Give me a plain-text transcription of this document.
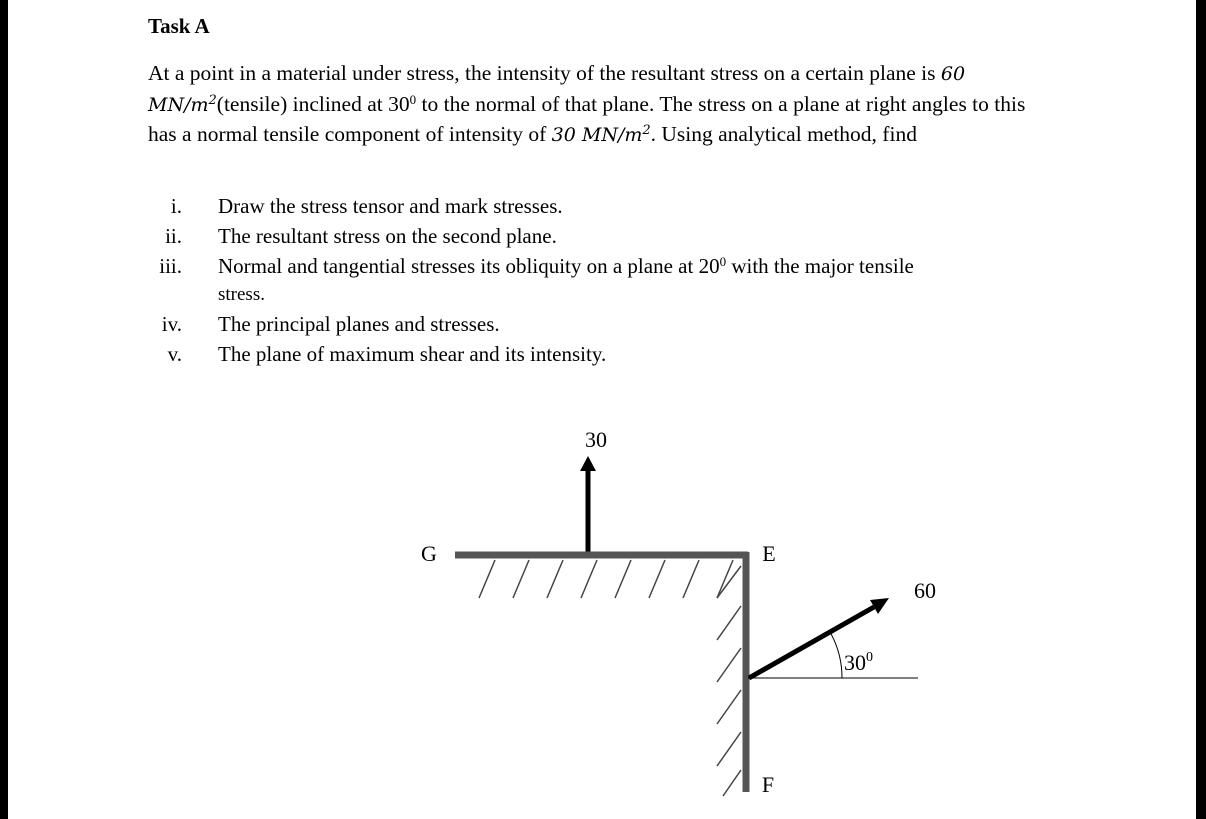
Task A

At a point in a material under stress, the intensity of the resultant stress on a certain plane is 60 $MN/m^2(tensile)$ inclined at $30^0$ to the normal of that plane. The stress on a plane at right angles to this has a normal tensile component of intensity of 30 $MN/m^2$. Using analytical method, find

i. Draw the stress tensor and mark stresses.
ii. The resultant stress on the second plane.
iii. Normal and tangential stresses its obliquity on a plane at $20^0$ with the major tensile
stress.
iv. The principal planes and stresses.
v. The plane of maximum shear and its intensity.
30
G	E
F
60
$30^0$
